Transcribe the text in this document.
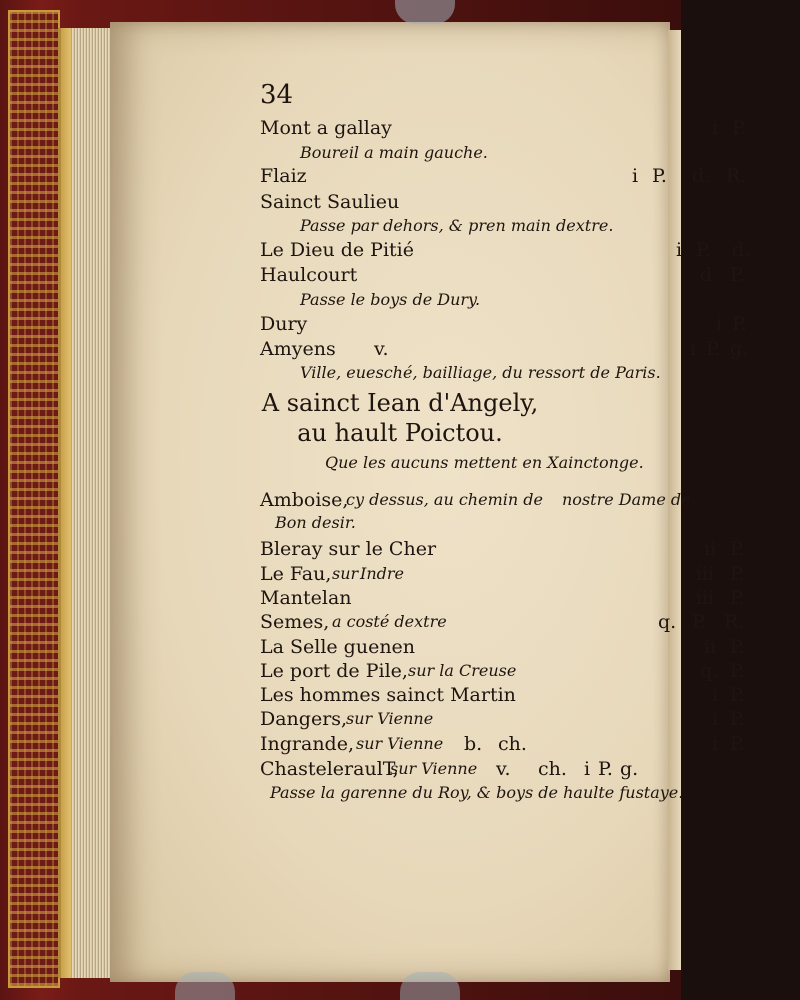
34
Mont a gallay	i P.
Boureil a main gauche.
Flaiz	i P. d. R.
Sainct Saulieu
Passe par dehors, & pren main dextre.
Le Dieu de Pitié	i P. d.
Haulcourt	d. P.
Passe le boys de Dury.
Dury	i P.
Amyens v.	i P. g.
Ville, euesché, bailliage, du ressort de Paris.
A sainct Iean d'Angely,
au hault Poictou.
Que les aucuns mettent en Xainctonge.
Amboise,
cy dessus, au chemin de nostre Dame de
Bon desir.
Bleray sur le Cher	ii P.
Le Fau, sur Indre	iii P.
Mantelan	iii P.
Semes, a costé dextre	q. P. R.
La Selle guenen	ii P.
Le port de Pile, sur la Creuse	q. P.
Les hommes sainct Martin	i P.
Dangers,
sur Vienne	i P.
Ingrande, sur Vienne b. ch.	i P.
ChasteleraulT,
sur Vienne v. ch. i P. g.
Passe la garenne du Roy, & boys de haulte fustaye.
